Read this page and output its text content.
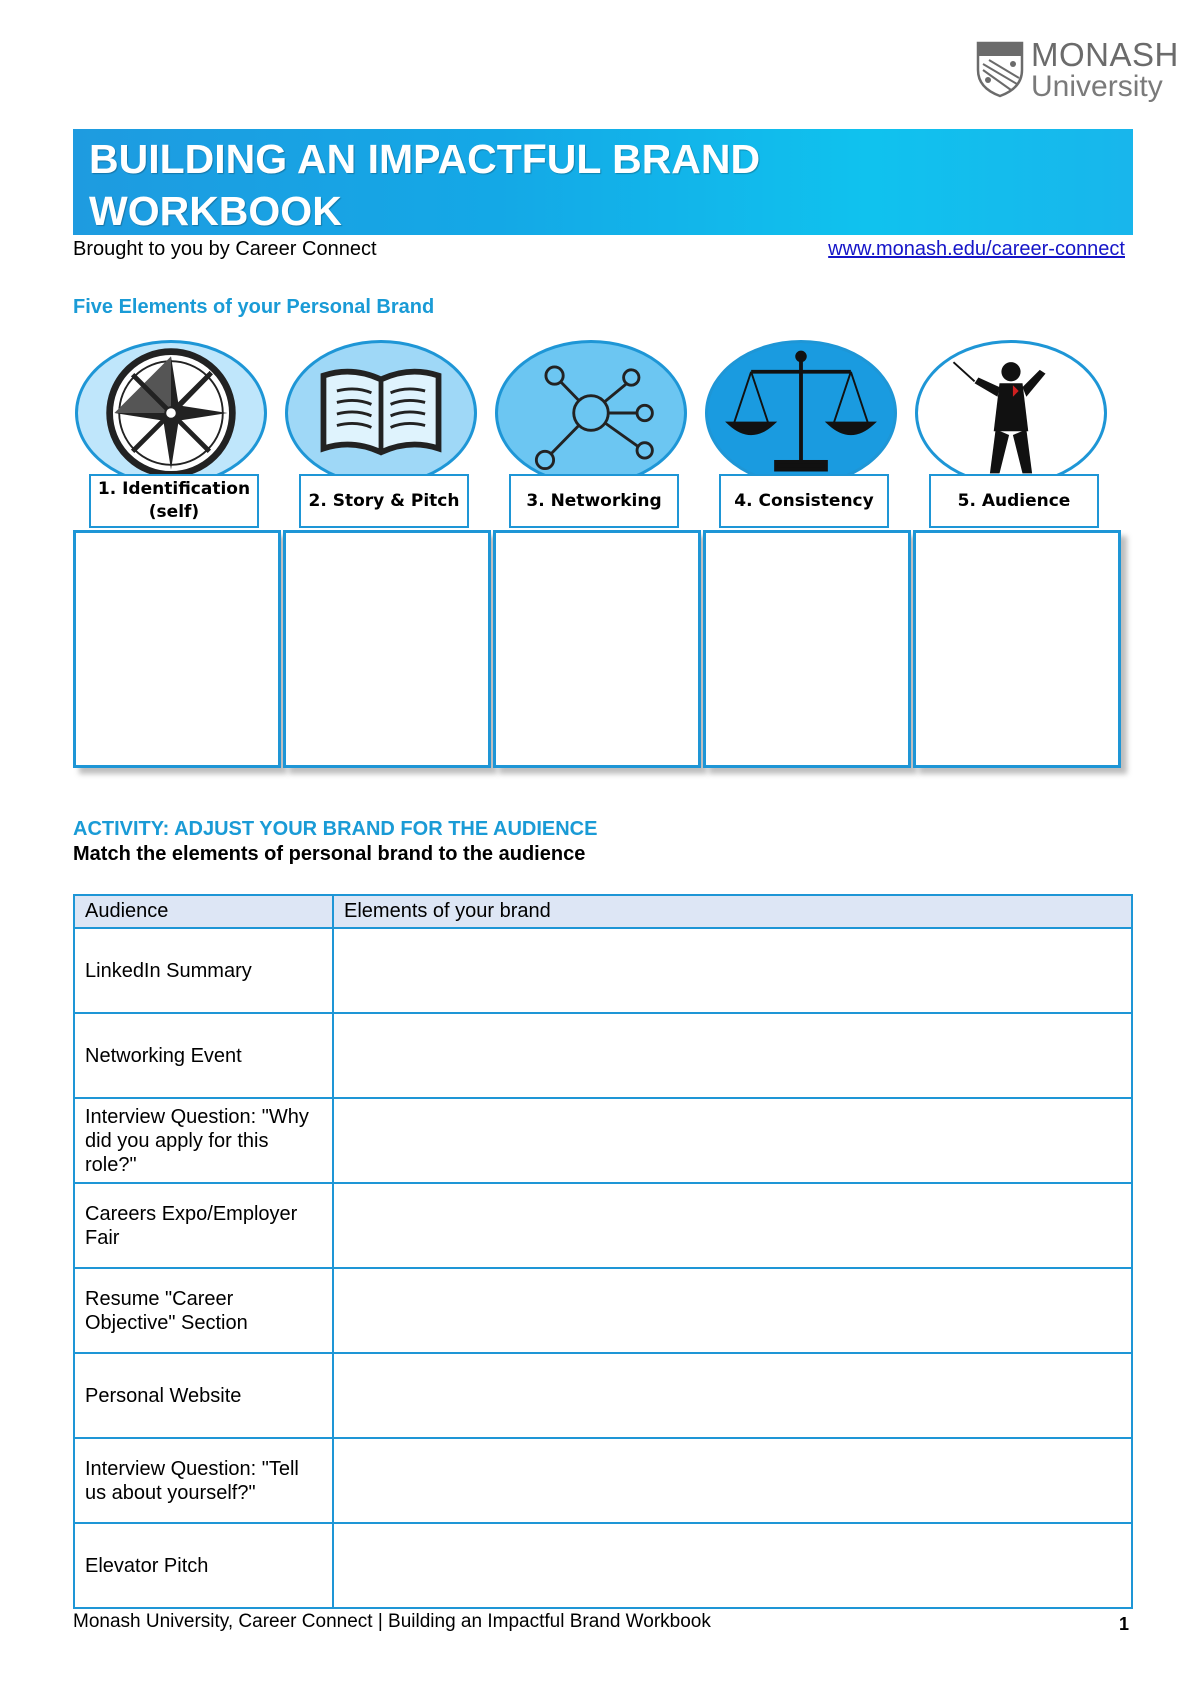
MONASH
University
BUILDING AN IMPACTFUL BRAND WORKBOOK
Brought to you by Career Connect	www.monash.edu/career-connect
Five Elements of your Personal Brand
1. Identification (self)
2. Story & Pitch	3. Networking	4. Consistency	5. Audience
ACTIVITY: ADJUST YOUR BRAND FOR THE AUDIENCE
Match the elements of personal brand to the audience
Audience	Elements of your brand
LinkedIn Summary	
Networking Event	
Interview Question: "Why did you apply for this role?"	
Careers Expo/Employer Fair	
Resume "Career Objective" Section	
Personal Website	
Interview Question: "Tell us about yourself?"	
Elevator Pitch	
Monash University, Career Connect | Building an Impactful Brand Workbook	1
